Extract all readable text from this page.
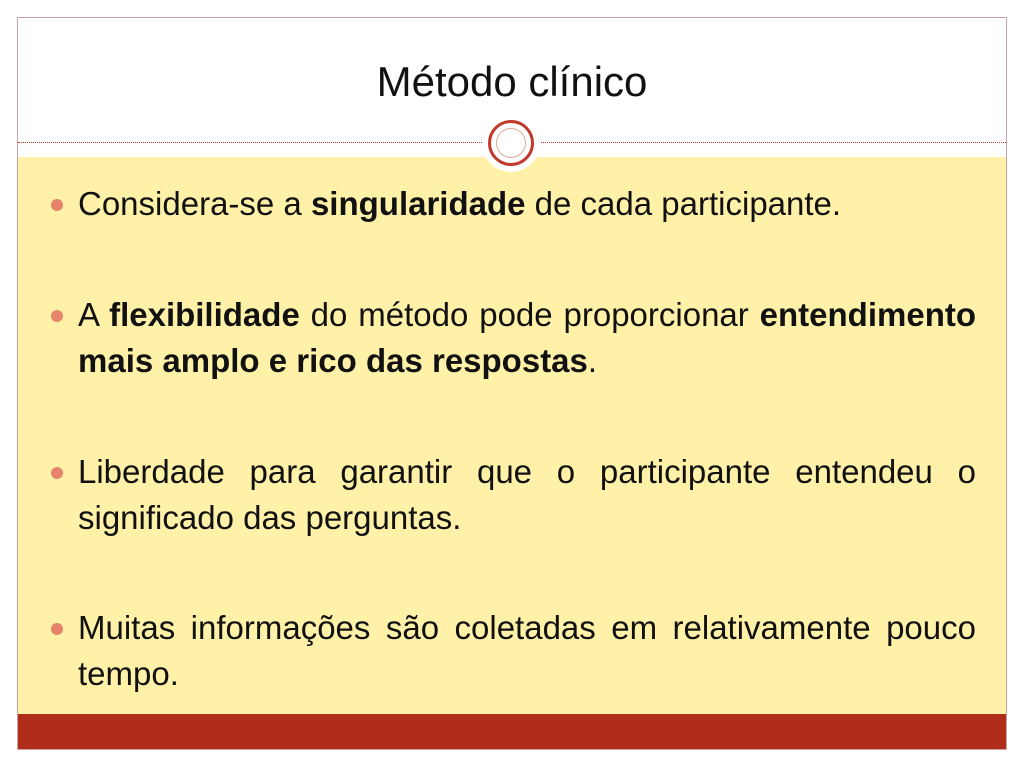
Método clínico
Considera-se a singularidade de cada participante.
A flexibilidade do método pode proporcionar entendimento mais amplo e rico das respostas.
Liberdade para garantir que o participante entendeu o significado das perguntas.
Muitas informações são coletadas em relativamente pouco tempo.
